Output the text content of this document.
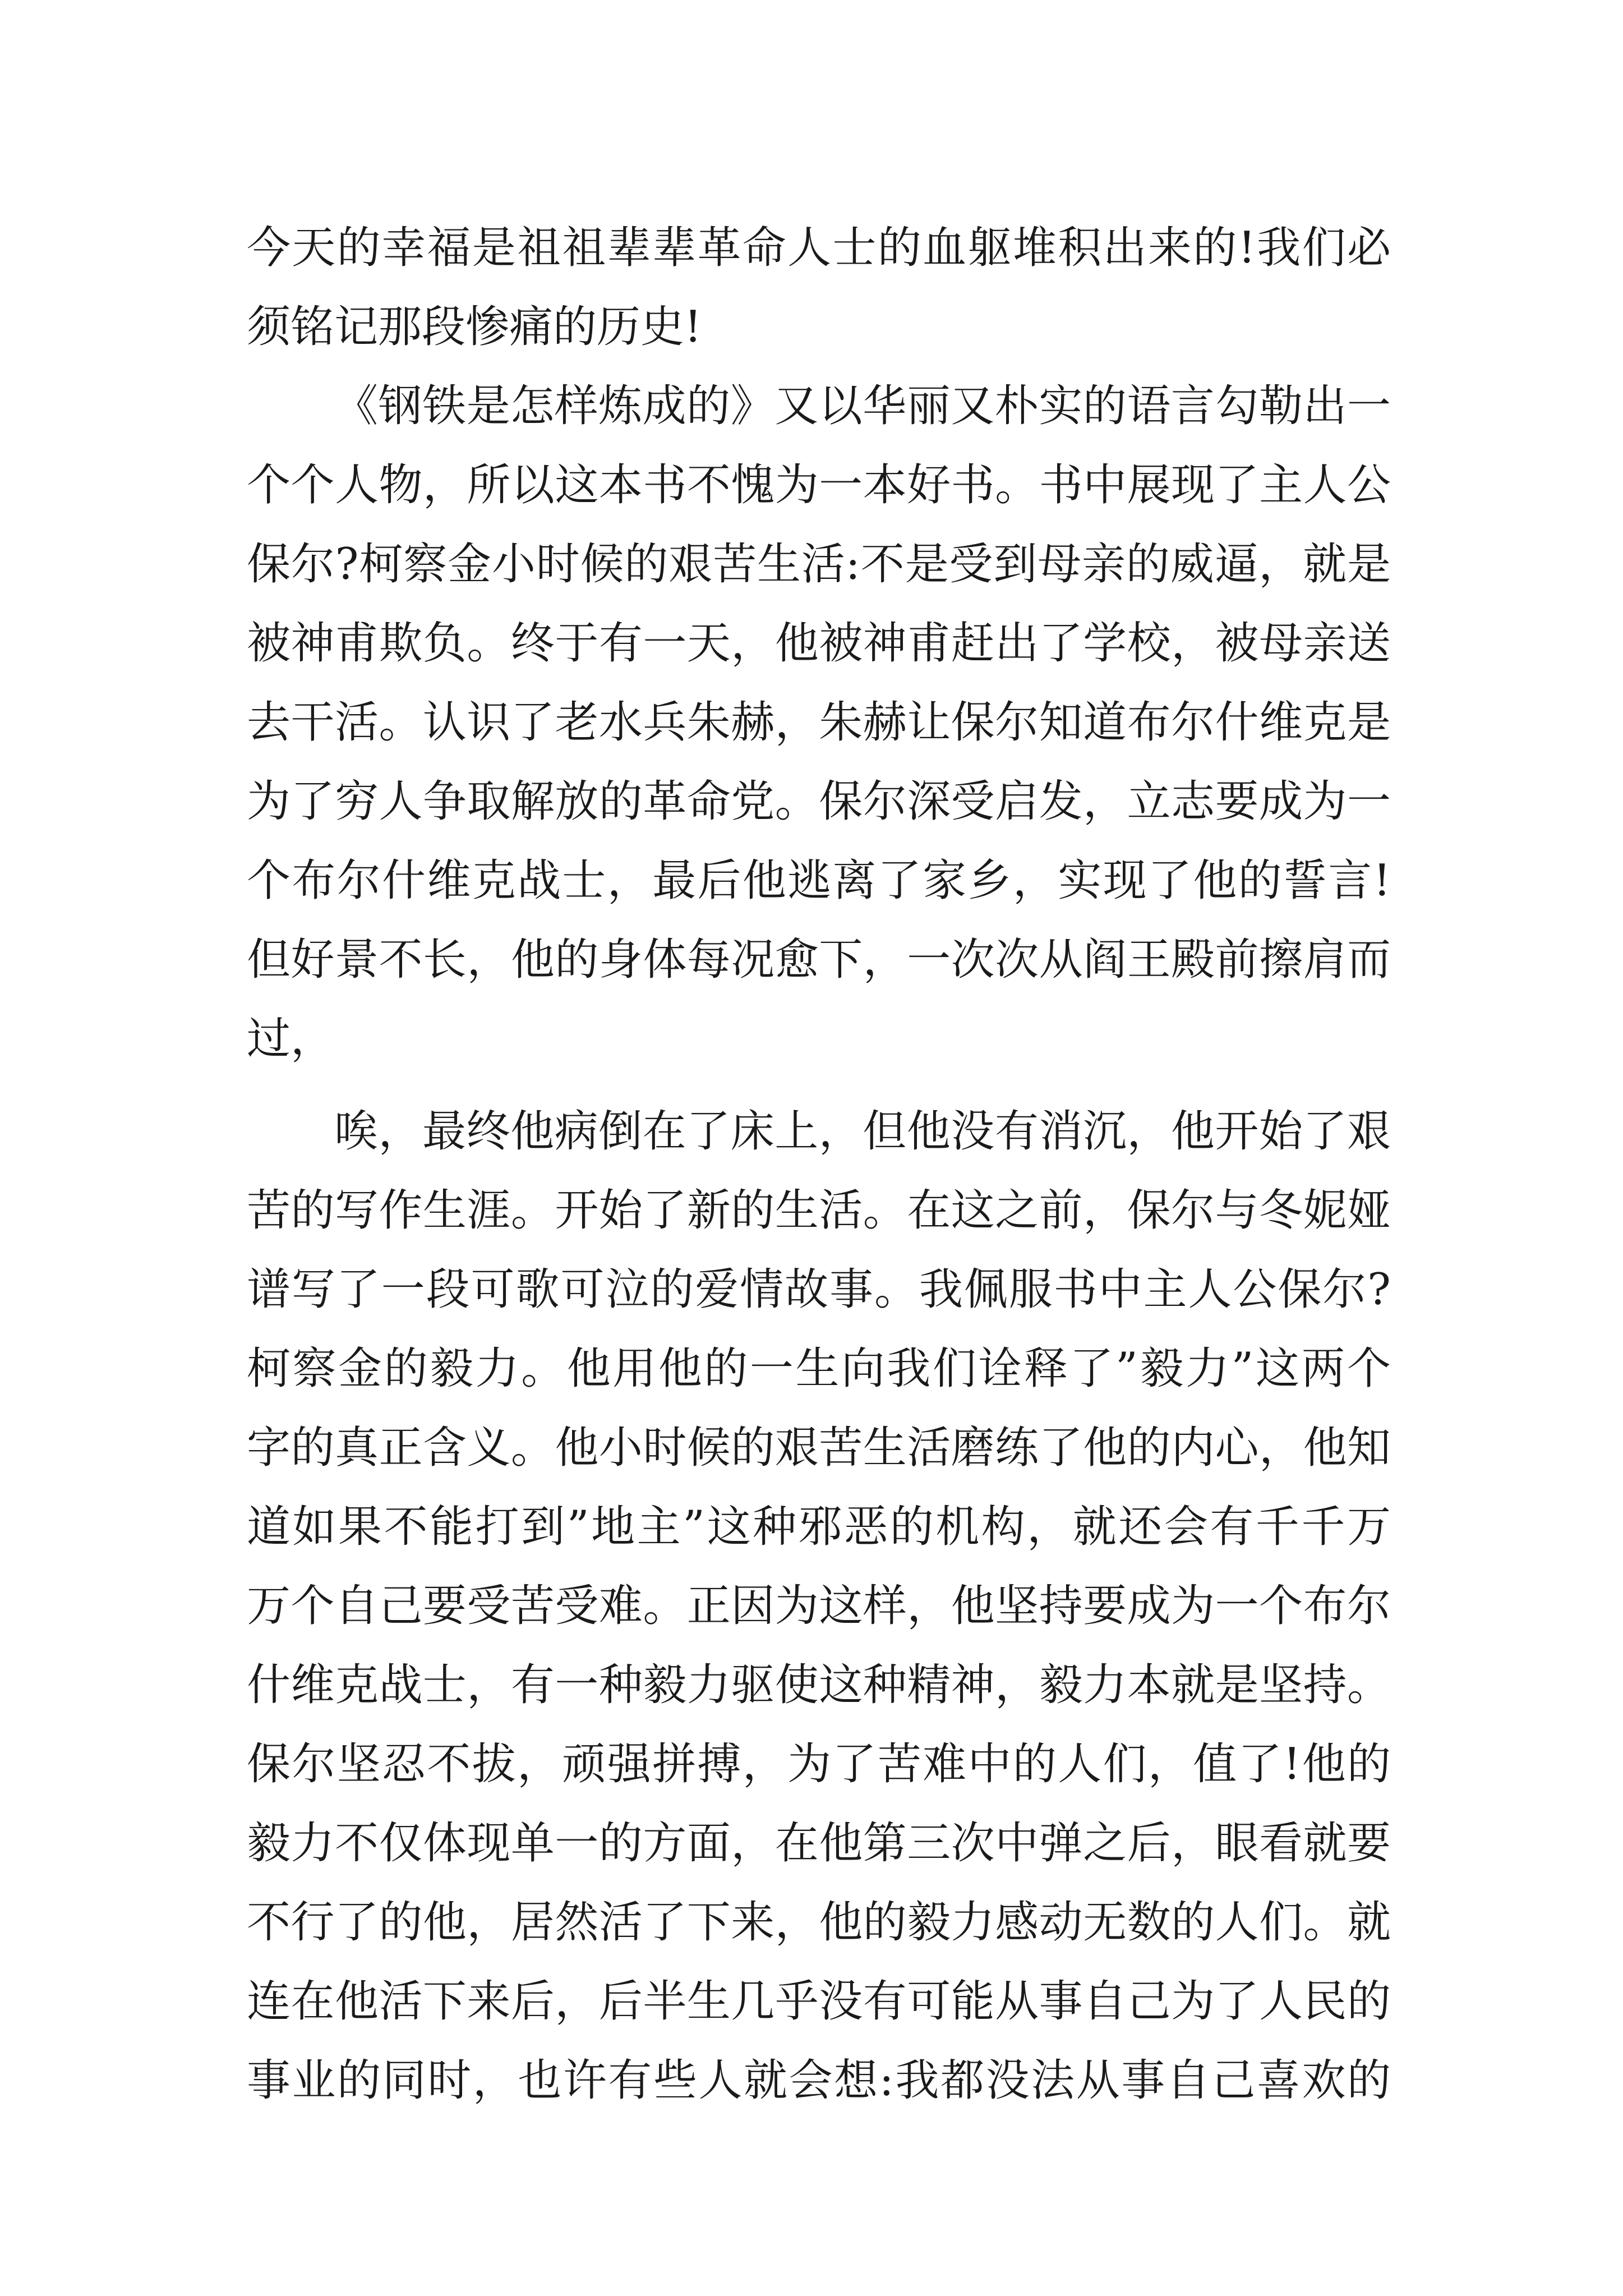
今天的幸福是祖祖辈辈革命人士的血躯堆积出来的!我们必
须铭记那段惨痛的历史!
《钢铁是怎样炼成的》又以华丽又朴实的语言勾勒出一
个个人物，所以这本书不愧为一本好书。书中展现了主人公
保尔?柯察金小时候的艰苦生活:不是受到母亲的威逼，就是
被神甫欺负。终于有一天，他被神甫赶出了学校，被母亲送
去干活。认识了老水兵朱赫，朱赫让保尔知道布尔什维克是
为了穷人争取解放的革命党。保尔深受启发，立志要成为一
个布尔什维克战士，最后他逃离了家乡，实现了他的誓言!
但好景不长，他的身体每况愈下，一次次从阎王殿前擦肩而
过，
唉，最终他病倒在了床上，但他没有消沉，他开始了艰
苦的写作生涯。开始了新的生活。在这之前，保尔与冬妮娅
谱写了一段可歌可泣的爱情故事。我佩服书中主人公保尔?
柯察金的毅力。他用他的一生向我们诠释了”毅力”这两个
字的真正含义。他小时候的艰苦生活磨练了他的内心，他知
道如果不能打到”地主”这种邪恶的机构，就还会有千千万
万个自己要受苦受难。正因为这样，他坚持要成为一个布尔
什维克战士，有一种毅力驱使这种精神，毅力本就是坚持。
保尔坚忍不拔，顽强拼搏，为了苦难中的人们，值了!他的
毅力不仅体现单一的方面，在他第三次中弹之后，眼看就要
不行了的他，居然活了下来，他的毅力感动无数的人们。就
连在他活下来后，后半生几乎没有可能从事自己为了人民的
事业的同时，也许有些人就会想:我都没法从事自己喜欢的
